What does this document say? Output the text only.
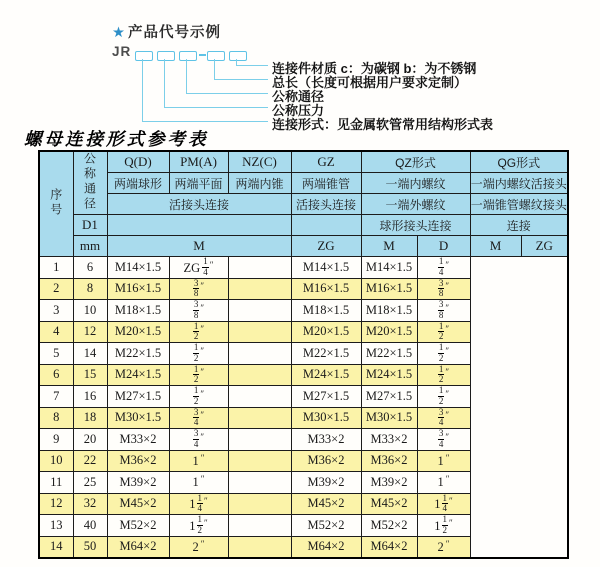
★ 产品代号示例
JR
连接件材质 c：为碳钢 b：为不锈钢
总长（长度可根据用户要求定制）
公称通径
公称压力
连接形式：见金属软管常用结构形式表
螺母连接形式参考表
序号	公称通径	Q(D)	PM(A)	NZ(C)	GZ	QZ形式		QG形式	
		两端球形	两端平面	两端内锥	两端锥管	一端内螺纹		一端内螺纹活接头	
		活接头连接			活接头连接	一端外螺纹		一端锥管螺纹接头	
	D1					球形接头连接		连接	
	mm	M			ZG	M	D	M	ZG
1	6	M14×1.5	ZG $\frac{1}{4} ''$		M14×1.5	M14×1.5	$\frac{1}{4} ''$
2	8	M16×1.5	$\frac{3}{8} ''$		M16×1.5	M16×1.5	$\frac{3}{8} ''$
3	10	M18×1.5	$\frac{3}{8} ''$		M18×1.5	M18×1.5	$\frac{3}{8} ''$
4	12	M20×1.5	$\frac{1}{2} ''$		M20×1.5	M20×1.5	$\frac{1}{2} ''$
5	14	M22×1.5	$\frac{1}{2} ''$		M22×1.5	M22×1.5	$\frac{1}{2} ''$
6	15	M24×1.5	$\frac{1}{2} ''$		M24×1.5	M24×1.5	$\frac{1}{2} ''$
7	16	M27×1.5	$\frac{1}{2} ''$		M27×1.5	M27×1.5	$\frac{1}{2} ''$
8	18	M30×1.5	$\frac{3}{4} ''$		M30×1.5	M30×1.5	$\frac{3}{4} ''$
9	20	M33×2	$\frac{3}{4} ''$		M33×2	M33×2	$\frac{3}{4} ''$
10	22	M36×2	1 ″		M36×2	M36×2	1 ″
11	25	M39×2	1 ″		M39×2	M39×2	1 ″
12	32	M45×2	$1 \frac{1}{4} ''$		M45×2	M45×2	$1 \frac{1}{4} ''$
13	40	M52×2	$1 \frac{1}{2} ''$		M52×2	M52×2	$1 \frac{1}{2} ''$
14	50	M64×2	2 ″		M64×2	M64×2	2 ″
